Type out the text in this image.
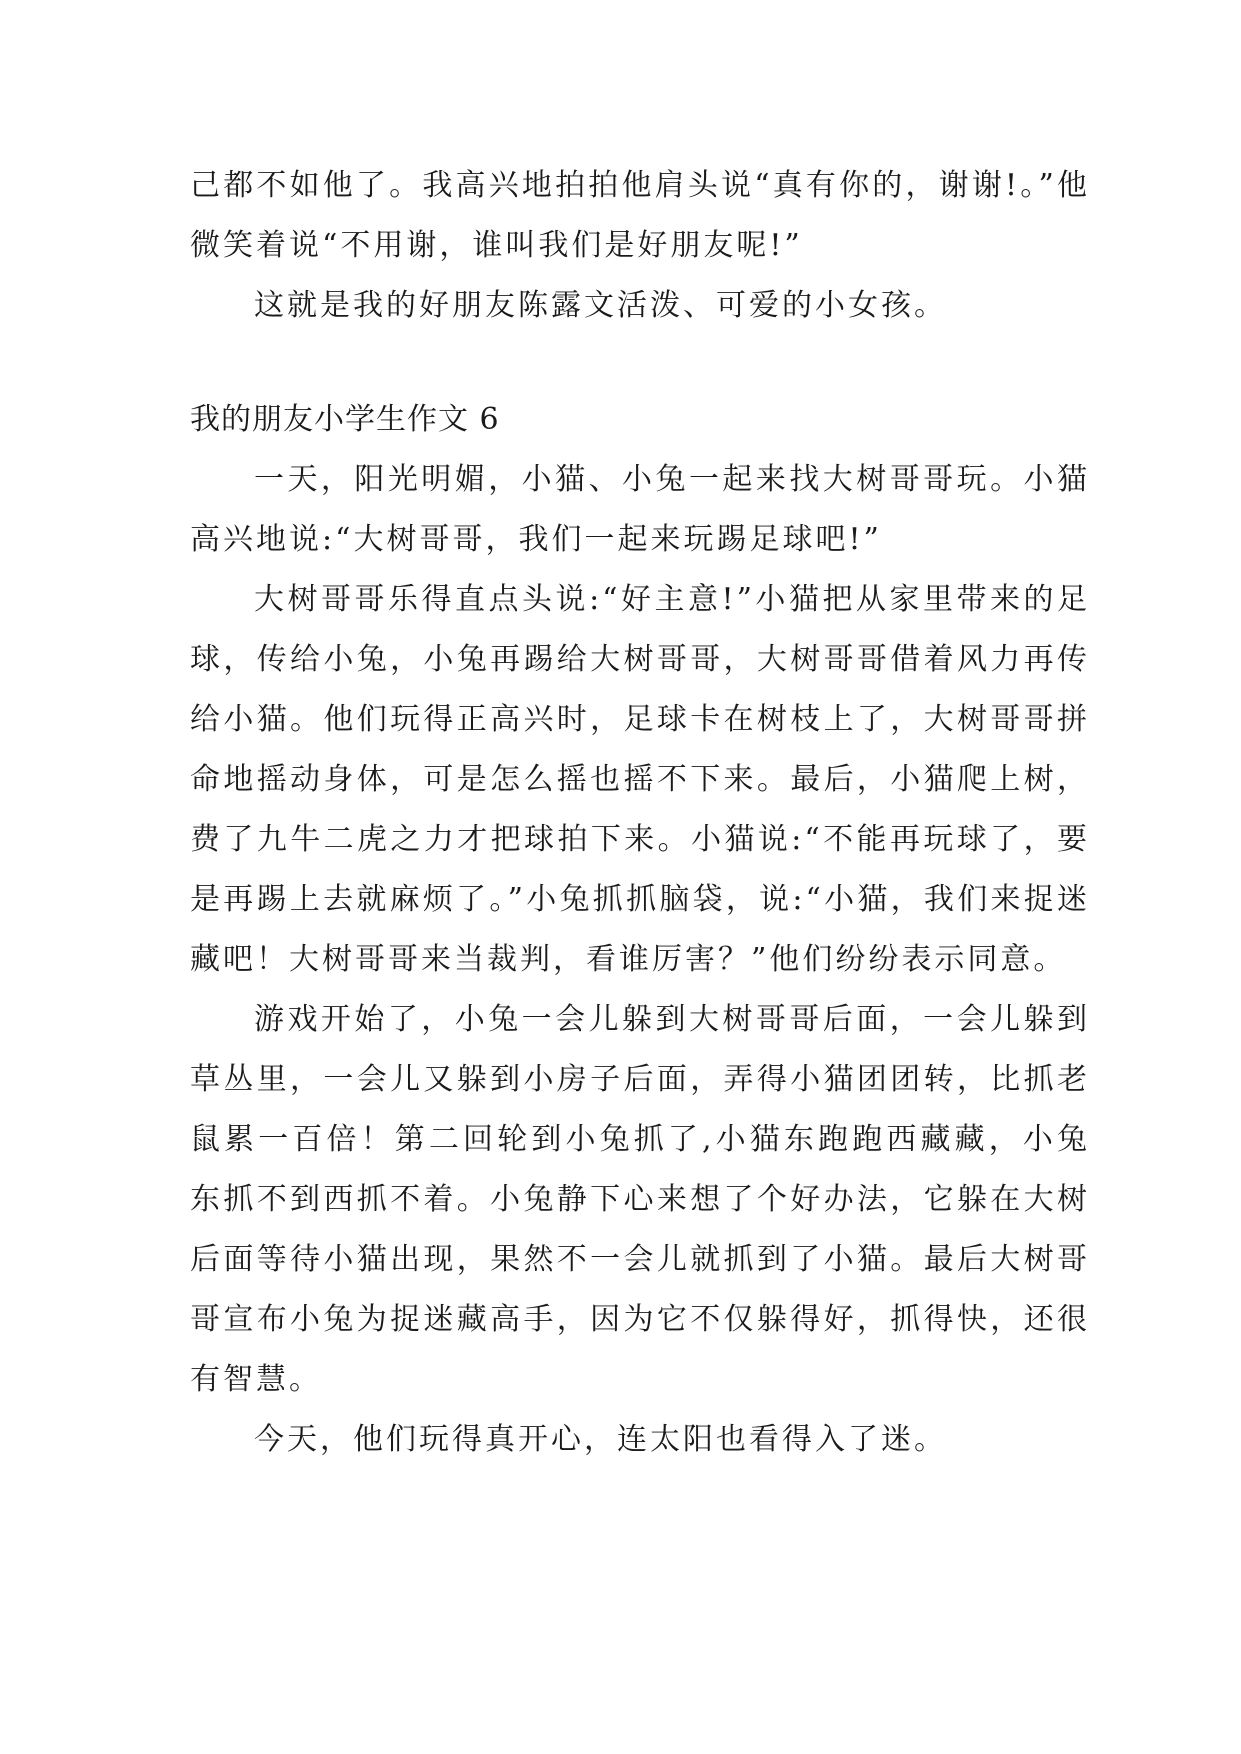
己都不如他了。我高兴地拍拍他肩头说“真有你的，谢谢!。”他微笑着说“不用谢，谁叫我们是好朋友呢!”

这就是我的好朋友陈露文活泼、可爱的小女孩。

我的朋友小学生作文 6

一天，阳光明媚，小猫、小兔一起来找大树哥哥玩。小猫高兴地说:“大树哥哥，我们一起来玩踢足球吧!”

大树哥哥乐得直点头说:“好主意!”小猫把从家里带来的足球，传给小兔，小兔再踢给大树哥哥，大树哥哥借着风力再传给小猫。他们玩得正高兴时，足球卡在树枝上了，大树哥哥拼命地摇动身体，可是怎么摇也摇不下来。最后，小猫爬上树，费了九牛二虎之力才把球拍下来。小猫说:“不能再玩球了，要是再踢上去就麻烦了。”小兔抓抓脑袋，说:“小猫，我们来捉迷藏吧！大树哥哥来当裁判，看谁厉害？”他们纷纷表示同意。

游戏开始了，小兔一会儿躲到大树哥哥后面，一会儿躲到草丛里，一会儿又躲到小房子后面，弄得小猫团团转，比抓老鼠累一百倍！第二回轮到小兔抓了,小猫东跑跑西藏藏，小兔东抓不到西抓不着。小兔静下心来想了个好办法，它躲在大树后面等待小猫出现，果然不一会儿就抓到了小猫。最后大树哥哥宣布小兔为捉迷藏高手，因为它不仅躲得好，抓得快，还很有智慧。

今天，他们玩得真开心，连太阳也看得入了迷。
